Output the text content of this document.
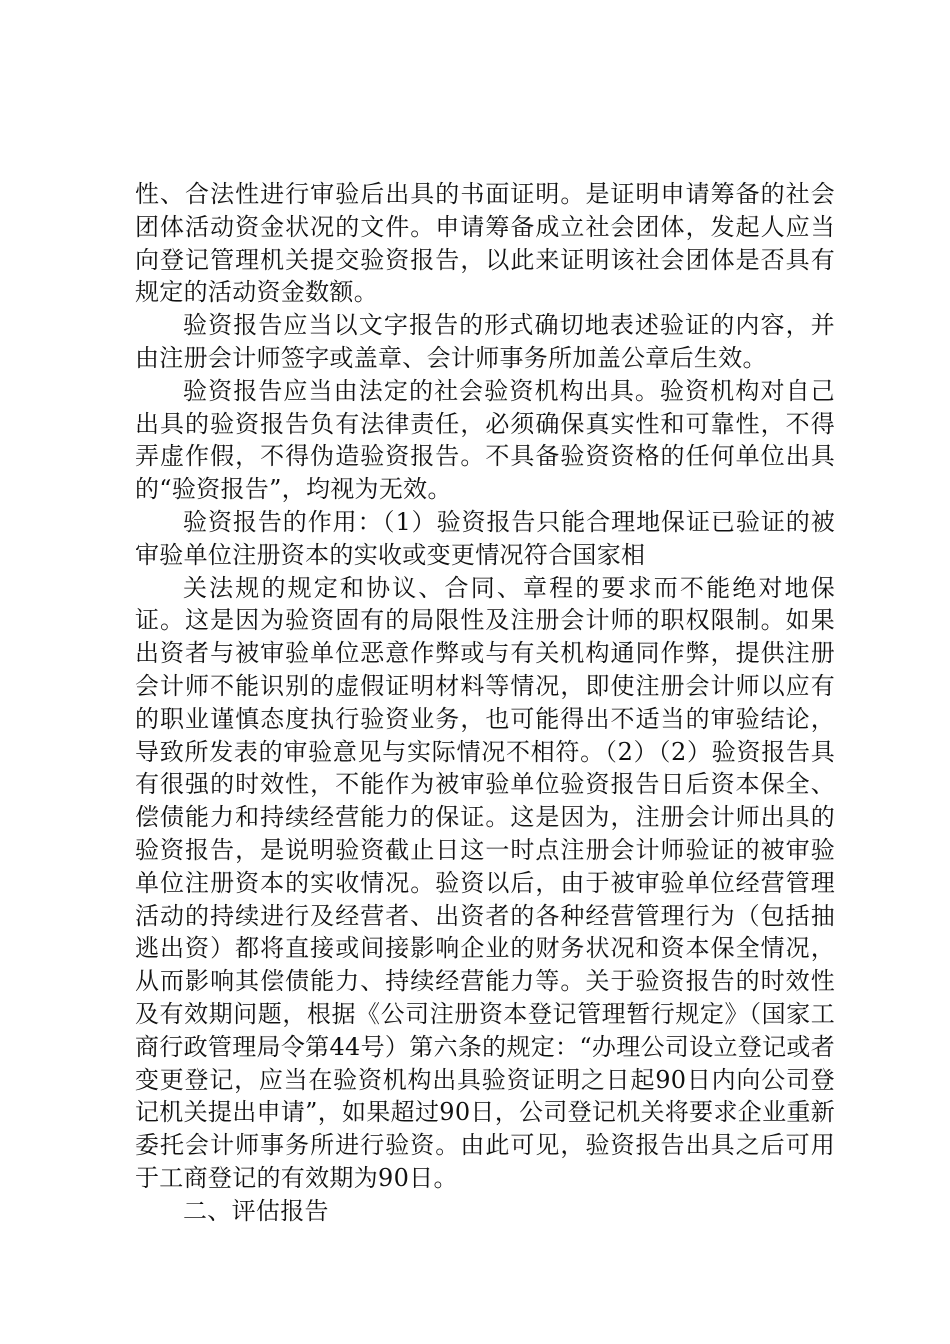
性、合法性进行审验后出具的书面证明。是证明申请筹备的社会团体活动资金状况的文件。申请筹备成立社会团体，发起人应当向登记管理机关提交验资报告，以此来证明该社会团体是否具有规定的活动资金数额。

验资报告应当以文字报告的形式确切地表述验证的内容，并由注册会计师签字或盖章、会计师事务所加盖公章后生效。

验资报告应当由法定的社会验资机构出具。验资机构对自己出具的验资报告负有法律责任，必须确保真实性和可靠性，不得弄虚作假，不得伪造验资报告。不具备验资资格的任何单位出具的“验资报告”，均视为无效。

验资报告的作用：（1）验资报告只能合理地保证已验证的被审验单位注册资本的实收或变更情况符合国家相

关法规的规定和协议、合同、章程的要求而不能绝对地保证。这是因为验资固有的局限性及注册会计师的职权限制。如果出资者与被审验单位恶意作弊或与有关机构通同作弊，提供注册会计师不能识别的虚假证明材料等情况，即使注册会计师以应有的职业谨慎态度执行验资业务，也可能得出不适当的审验结论，导致所发表的审验意见与实际情况不相符。（2）（2）验资报告具有很强的时效性，不能作为被审验单位验资报告日后资本保全、偿债能力和持续经营能力的保证。这是因为，注册会计师出具的验资报告，是说明验资截止日这一时点注册会计师验证的被审验单位注册资本的实收情况。验资以后，由于被审验单位经营管理活动的持续进行及经营者、出资者的各种经营管理行为（包括抽逃出资）都将直接或间接影响企业的财务状况和资本保全情况，从而影响其偿债能力、持续经营能力等。关于验资报告的时效性及有效期问题，根据《公司注册资本登记管理暂行规定》（国家工商行政管理局令第44号）第六条的规定：“办理公司设立登记或者变更登记，应当在验资机构出具验资证明之日起90日内向公司登记机关提出申请”，如果超过90日，公司登记机关将要求企业重新委托会计师事务所进行验资。由此可见，验资报告出具之后可用于工商登记的有效期为90日。

二、评估报告
